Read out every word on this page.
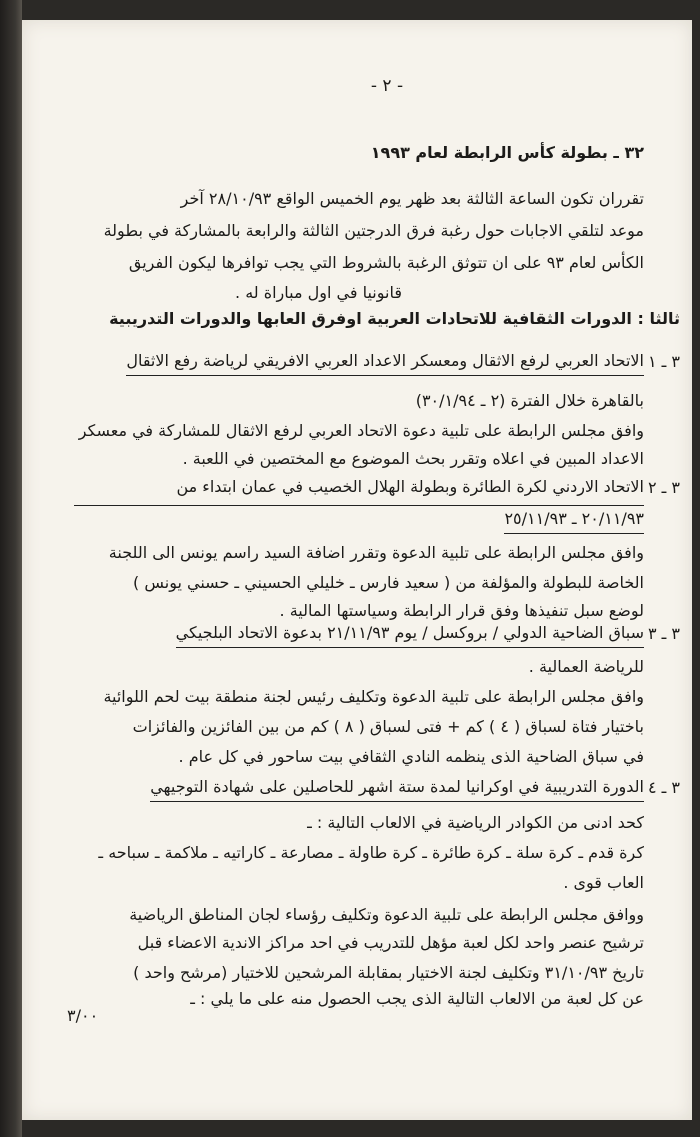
- ٢ -
٣٢ ـ بطولة كأس الرابطة لعام ١٩٩٣
تقرران تكون الساعة الثالثة بعد ظهر يوم الخميس الواقع ٢٨/١٠/٩٣ آخر
موعد لتلقي الاجابات حول رغبة فرق الدرجتين الثالثة والرابعة بالمشاركة في بطولة
الكأس لعام ٩٣ على ان تتوثق الرغبة بالشروط التي يجب توافرها ليكون الفريق
قانونيا في اول مباراة له .
ثالثا : الدورات الثقافية للاتحادات العربية اوفرق العابها والدورات التدريبية
الاتحاد العربي لرفع الاثقال ومعسكر الاعداد العربي الافريقي لرياضة رفع الاثقال ٣ ـ ١
بالقاهرة خلال الفترة (٢ ـ ٣٠/١/٩٤)
وافق مجلس الرابطة على تلبية دعوة الاتحاد العربي لرفع الاثقال للمشاركة في معسكر
الاعداد المبين في اعلاه وتقرر بحث الموضوع مع المختصين في اللعبة .
٣ ـ ٢
الاتحاد الاردني لكرة الطائرة وبطولة الهلال الخصيب في عمان ابتداء من
٢٠/١١/٩٣ ـ ٢٥/١١/٩٣
وافق مجلس الرابطة على تلبية الدعوة وتقرر اضافة السيد راسم يونس الى اللجنة
الخاصة للبطولة والمؤلفة من ( سعيد فارس ـ خليلي الحسيني ـ حسني يونس )
لوضع سبل تنفيذها وفق قرار الرابطة وسياستها المالية .
٣ ـ ٣
سباق الضاحية الدولي / بروكسل / يوم ٢١/١١/٩٣ بدعوة الاتحاد البلجيكي
للرياضة العمالية .
وافق مجلس الرابطة على تلبية الدعوة وتكليف رئيس لجنة منطقة بيت لحم اللوائية
باختيار فتاة لسباق ( ٤ ) كم + فتى لسباق ( ٨ ) كم من بين الفائزين والفائزات
في سباق الضاحية الذى ينظمه النادي الثقافي بيت ساحور في كل عام .
٣ ـ ٤
الدورة التدريبية في اوكرانيا لمدة ستة اشهر للحاصلين على شهادة التوجيهي
كحد ادنى من الكوادر الرياضية في الالعاب التالية : ـ
كرة قدم ـ كرة سلة ـ كرة طائرة ـ كرة طاولة ـ مصارعة ـ كاراتيه ـ ملاكمة ـ سباحه ـ
العاب قوى .
ووافق مجلس الرابطة على تلبية الدعوة وتكليف رؤساء لجان المناطق الرياضية
ترشيح عنصر واحد لكل لعبة مؤهل للتدريب في احد مراكز الاندية الاعضاء قبل
تاريخ ٣١/١٠/٩٣ وتكليف لجنة الاختيار بمقابلة المرشحين للاختيار (مرشح واحد )
عن كل لعبة من الالعاب التالية الذى يجب الحصول منه على ما يلي : ـ
٣/٠٠
